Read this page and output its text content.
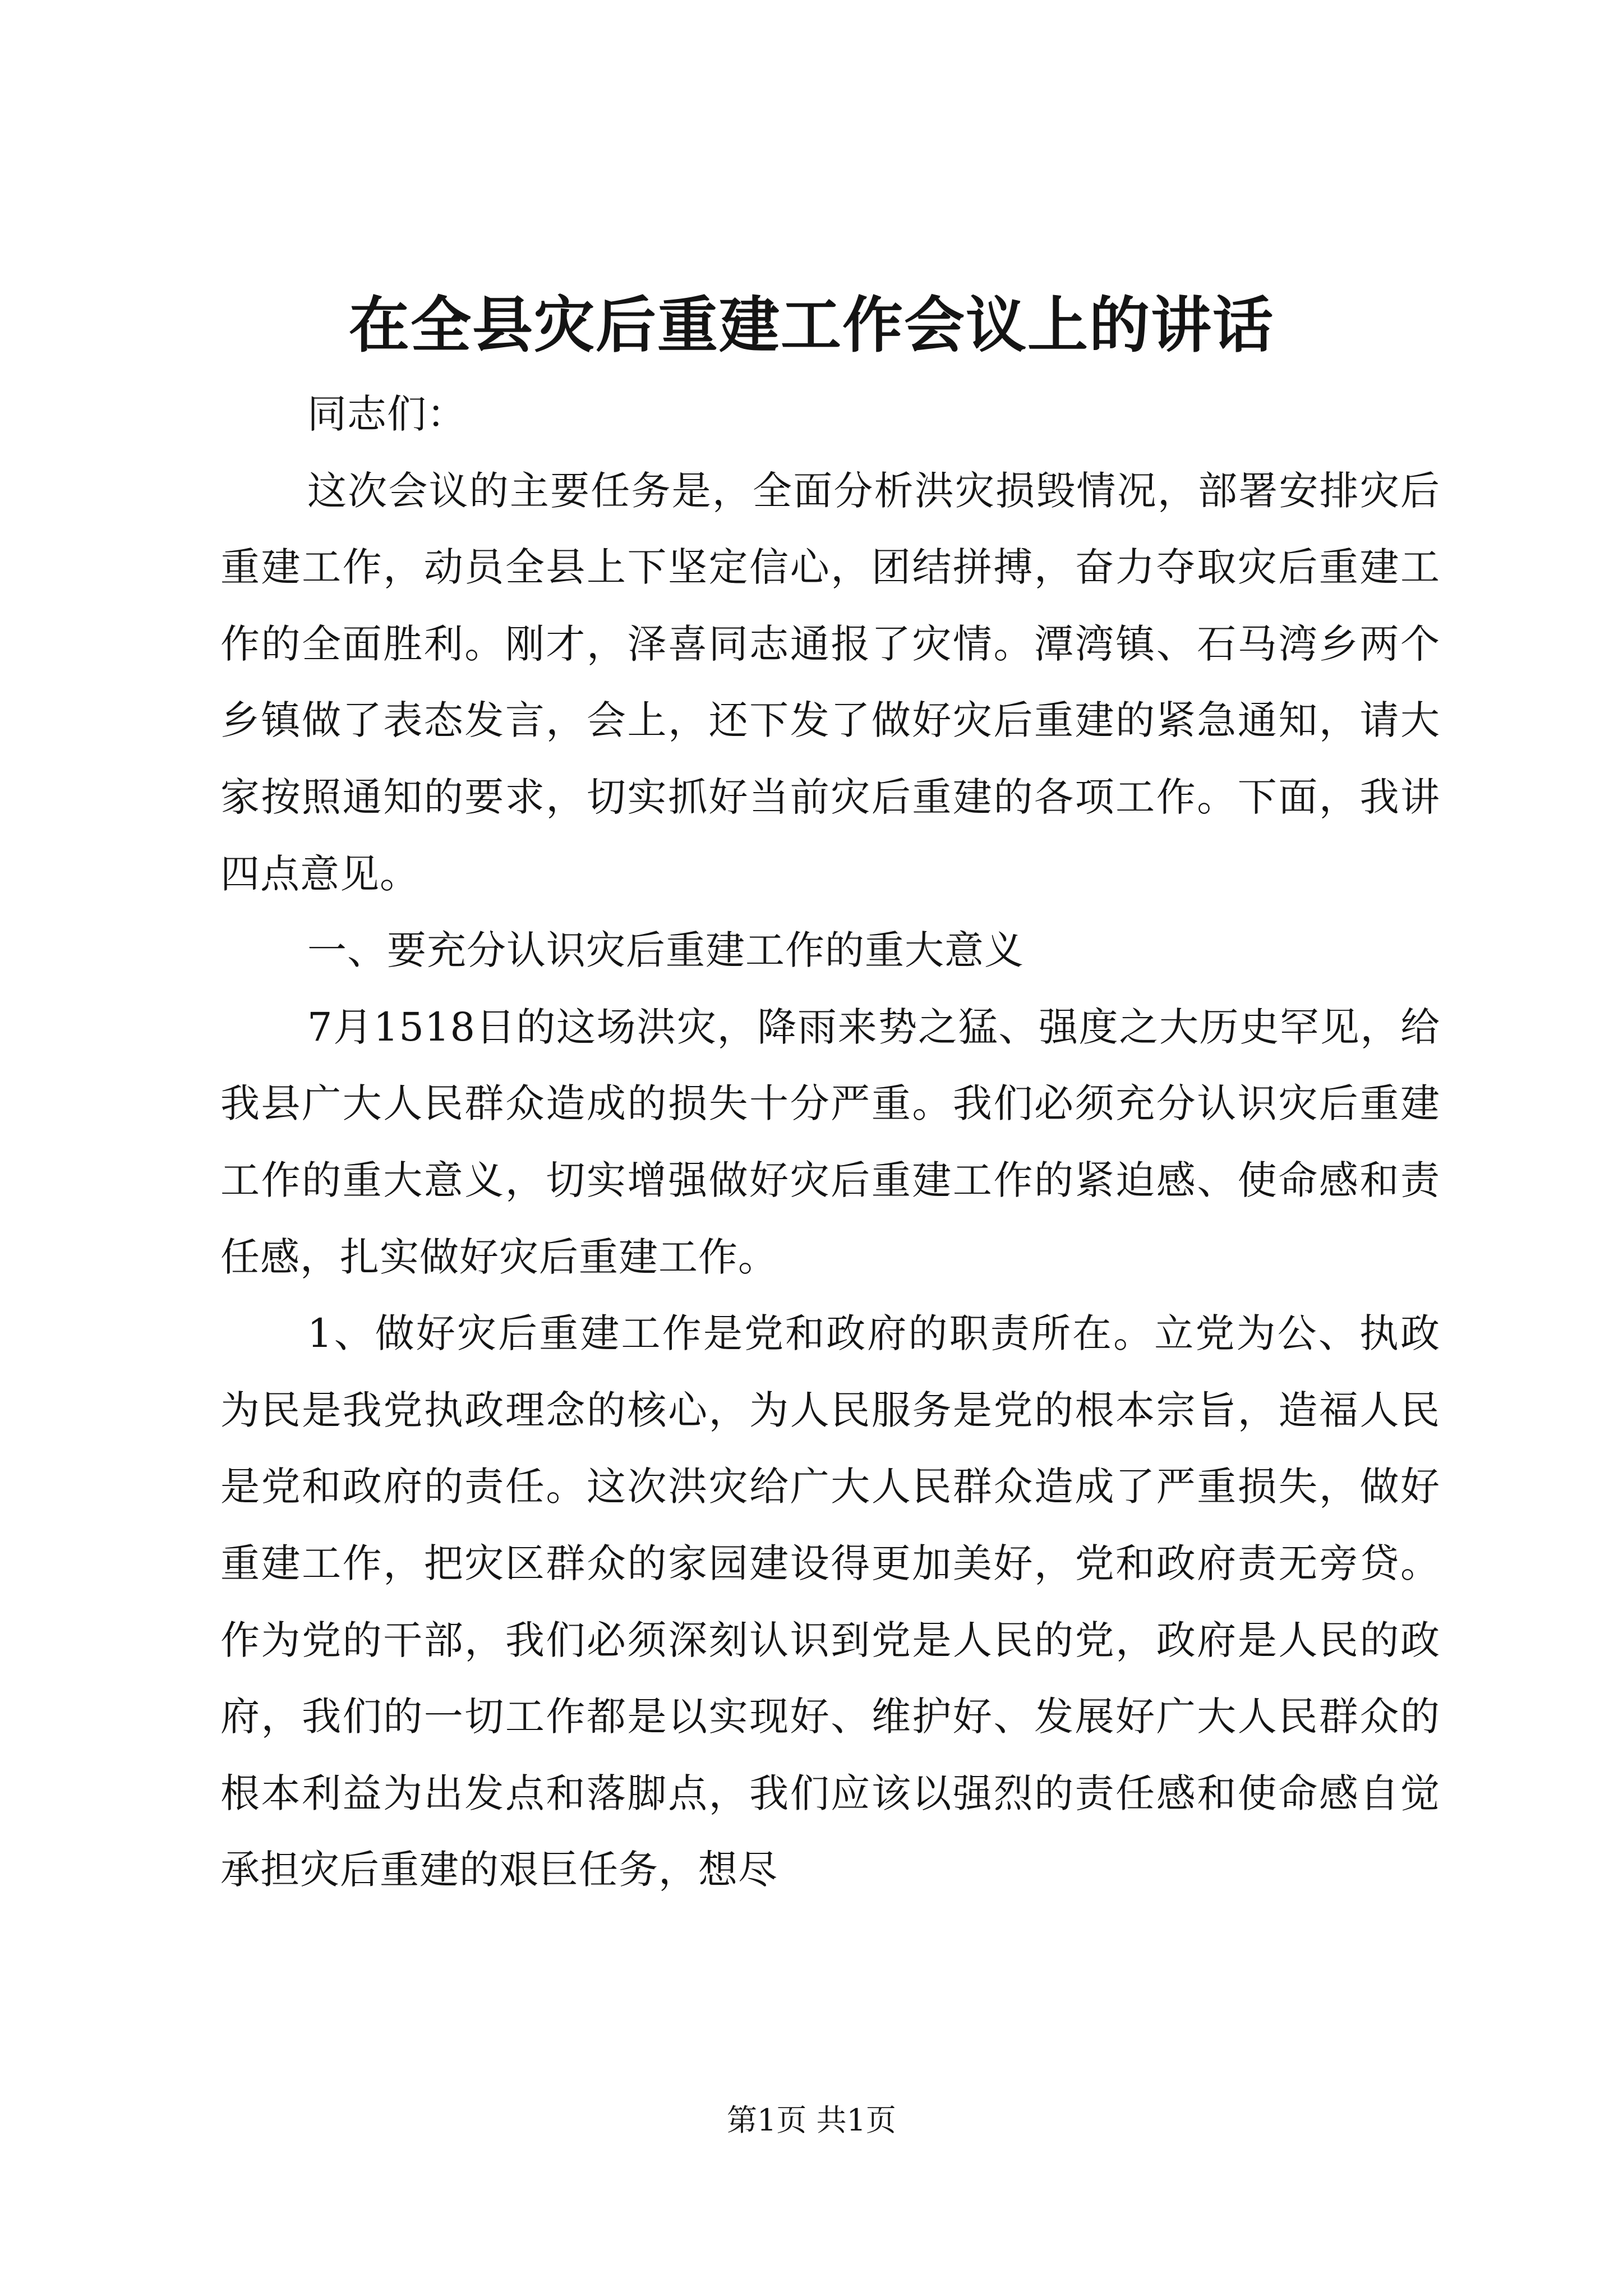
在全县灾后重建工作会议上的讲话

同志们：

这次会议的主要任务是，全面分析洪灾损毁情况，部署安排灾后重建工作，动员全县上下坚定信心，团结拼搏，奋力夺取灾后重建工作的全面胜利。刚才，泽喜同志通报了灾情。潭湾镇、石马湾乡两个乡镇做了表态发言，会上，还下发了做好灾后重建的紧急通知，请大家按照通知的要求，切实抓好当前灾后重建的各项工作。下面，我讲四点意见。

一、要充分认识灾后重建工作的重大意义

7月1518日的这场洪灾，降雨来势之猛、强度之大历史罕见，给我县广大人民群众造成的损失十分严重。我们必须充分认识灾后重建工作的重大意义，切实增强做好灾后重建工作的紧迫感、使命感和责任感，扎实做好灾后重建工作。

1、做好灾后重建工作是党和政府的职责所在。立党为公、执政为民是我党执政理念的核心，为人民服务是党的根本宗旨，造福人民是党和政府的责任。这次洪灾给广大人民群众造成了严重损失，做好重建工作，把灾区群众的家园建设得更加美好，党和政府责无旁贷。作为党的干部，我们必须深刻认识到党是人民的党，政府是人民的政府，我们的一切工作都是以实现好、维护好、发展好广大人民群众的根本利益为出发点和落脚点，我们应该以强烈的责任感和使命感自觉承担灾后重建的艰巨任务，想尽

第1页 共1页
